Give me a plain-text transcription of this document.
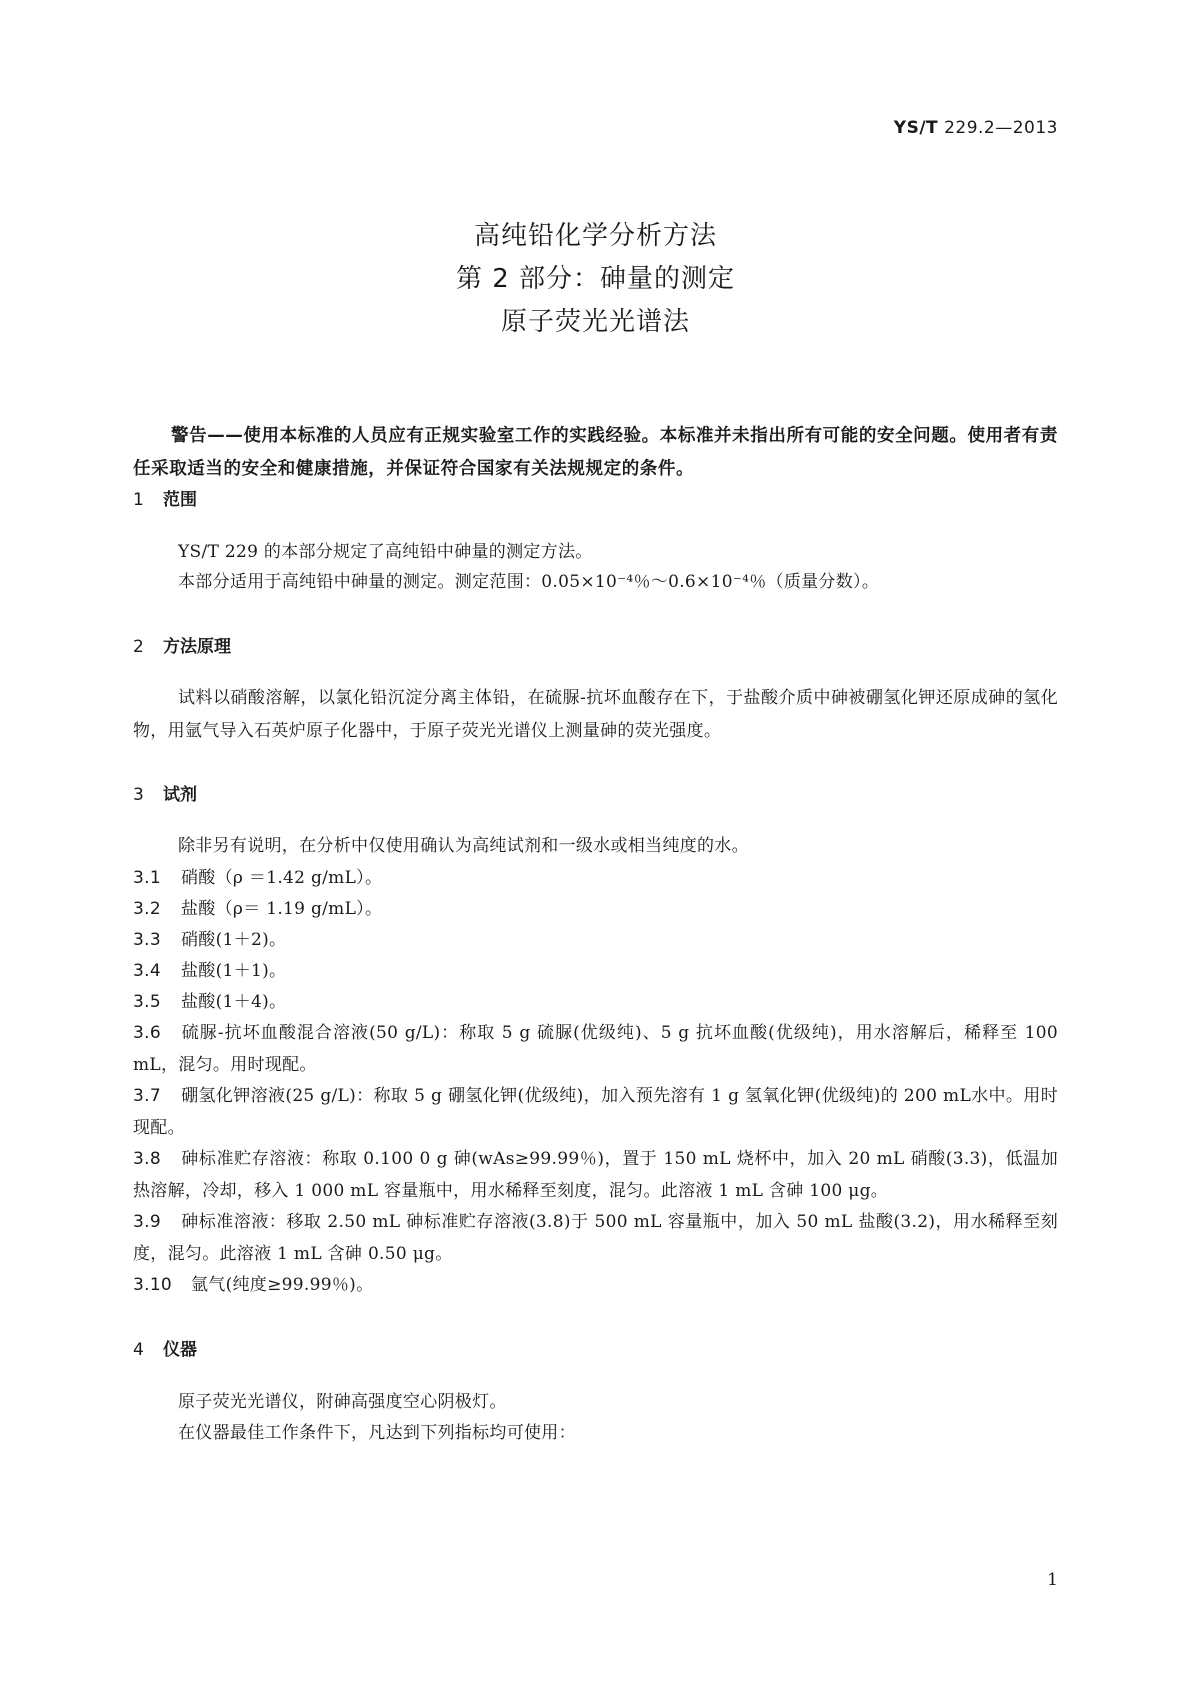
YS/T 229.2—2013
高纯铅化学分析方法
第 2 部分：砷量的测定
原子荧光光谱法
警告——使用本标准的人员应有正规实验室工作的实践经验。本标准并未指出所有可能的安全问题。使用者有责任采取适当的安全和健康措施，并保证符合国家有关法规规定的条件。
1 范围
YS/T 229 的本部分规定了高纯铅中砷量的测定方法。
本部分适用于高纯铅中砷量的测定。测定范围：0.05×10⁻⁴％～0.6×10⁻⁴％（质量分数）。
2 方法原理
试料以硝酸溶解，以氯化铅沉淀分离主体铅，在硫脲-抗坏血酸存在下，于盐酸介质中砷被硼氢化钾还原成砷的氢化物，用氩气导入石英炉原子化器中，于原子荧光光谱仪上测量砷的荧光强度。
3 试剂
除非另有说明，在分析中仅使用确认为高纯试剂和一级水或相当纯度的水。
3.1 硝酸（ρ ＝1.42 g/mL）。
3.2 盐酸（ρ＝ 1.19 g/mL）。
3.3 硝酸(1＋2)。
3.4 盐酸(1＋1)。
3.5 盐酸(1＋4)。
3.6 硫脲-抗坏血酸混合溶液(50 g/L)：称取 5 g 硫脲(优级纯)、5 g 抗坏血酸(优级纯)，用水溶解后，稀释至 100 mL，混匀。用时现配。
3.7 硼氢化钾溶液(25 g/L)：称取 5 g 硼氢化钾(优级纯)，加入预先溶有 1 g 氢氧化钾(优级纯)的 200 mL水中。用时现配。
3.8 砷标准贮存溶液：称取 0.100 0 g 砷(wAs≥99.99％)，置于 150 mL 烧杯中，加入 20 mL 硝酸(3.3)，低温加热溶解，冷却，移入 1 000 mL 容量瓶中，用水稀释至刻度，混匀。此溶液 1 mL 含砷 100 μg。
3.9 砷标准溶液：移取 2.50 mL 砷标准贮存溶液(3.8)于 500 mL 容量瓶中，加入 50 mL 盐酸(3.2)，用水稀释至刻度，混匀。此溶液 1 mL 含砷 0.50 μg。
3.10 氩气(纯度≥99.99％)。
4 仪器
原子荧光光谱仪，附砷高强度空心阴极灯。
在仪器最佳工作条件下，凡达到下列指标均可使用：
1
